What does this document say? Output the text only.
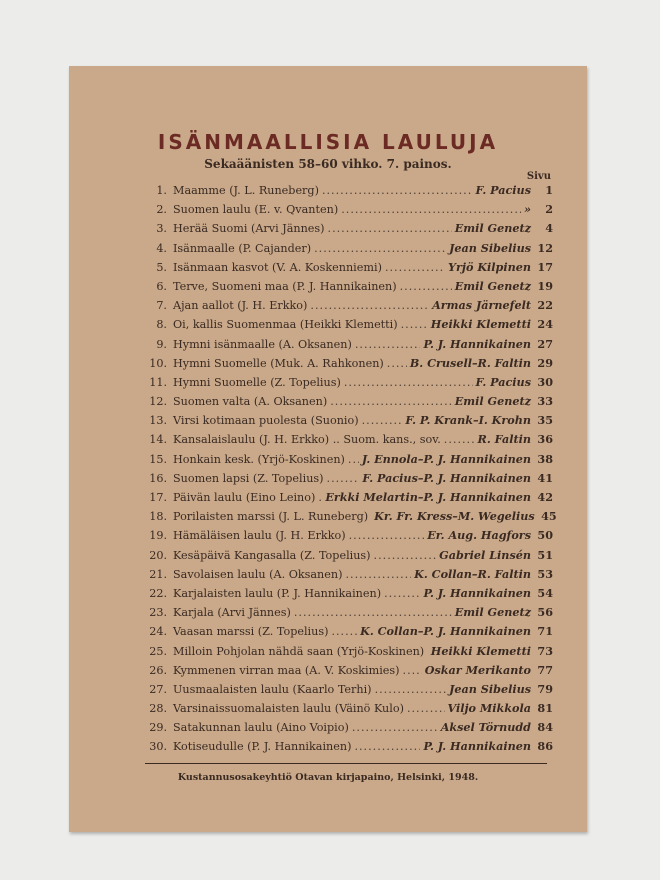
ISÄNMAALLISIA LAULUJA
Sekaäänisten 58–60 vihko. 7. painos.
Sivu
1. Maamme (J. L. Runeberg) .....	F. Pacius	1
2. Suomen laulu (E. v. Qvanten) .....	»	2
3. Herää Suomi (Arvi Jännes) .....	Emil Genetz	4
4. Isänmaalle (P. Cajander) .....	Jean Sibelius 12
5. Isänmaan kasvot (V. A. Koskenniemi) .....	Yrjö Kilpinen 17
6. Terve, Suomeni maa (P. J. Hannikainen) .....	Emil Genetz 19
7. Ajan aallot (J. H. Erkko) .....	Armas Järnefelt 22
8. Oi, kallis Suomenmaa (Heikki Klemetti) .....	Heikki Klemetti 24
9. Hymni isänmaalle (A. Oksanen) .....	P. J. Hannikainen 27
10. Hymni Suomelle (Muk. A. Rahkonen) ..... B. Crusell–R. Faltin 29
11. Hymni Suomelle (Z. Topelius) .....	F. Pacius 30
12. Suomen valta (A. Oksanen) .....	Emil Genetz 33
13. Virsi kotimaan puolesta (Suonio) .....	F. P. Krank–I. Krohn 35
14. Kansalaislaulu (J. H. Erkko) .. Suom. kans., sov. .....	R. Faltin 36
15. Honkain kesk. (Yrjö-Koskinen) ..... J. Ennola–P. J. Hannikainen 38
16. Suomen lapsi (Z. Topelius) .....	F. Pacius–P. J. Hannikainen 41
17. Päivän laulu (Eino Leino) ..... Erkki Melartin–P. J. Hannikainen 42
18. Porilaisten marssi (J. L. Runeberg) Kr. Fr. Kress–M. Wegelius 45
19. Hämäläisen laulu (J. H. Erkko) .....	Er. Aug. Hagfors 50
20. Kesäpäivä Kangasalla (Z. Topelius) .....	Gabriel Linsén 51
21. Savolaisen laulu (A. Oksanen) .....	K. Collan–R. Faltin 53
22. Karjalaisten laulu (P. J. Hannikainen) .....	P. J. Hannikainen 54
23. Karjala (Arvi Jännes) .....	Emil Genetz 56
24. Vaasan marssi (Z. Topelius) .....	K. Collan–P. J. Hannikainen 71
25. Milloin Pohjolan nähdä saan (Yrjö-Koskinen) ..... Heikki Klemetti 73
26. Kymmenen virran maa (A. V. Koskimies) ..... Oskar Merikanto 77
27. Uusmaalaisten laulu (Kaarlo Terhi) .....	Jean Sibelius 79
28. Varsinaissuomalaisten laulu (Väinö Kulo) .....	Viljo Mikkola 81
29. Satakunnan laulu (Aino Voipio) .....	Aksel Törnudd 84
30. Kotiseudulle (P. J. Hannikainen) .....	P. J. Hannikainen 86
Kustannusosakeyhtiö Otavan kirjapaino, Helsinki, 1948.
